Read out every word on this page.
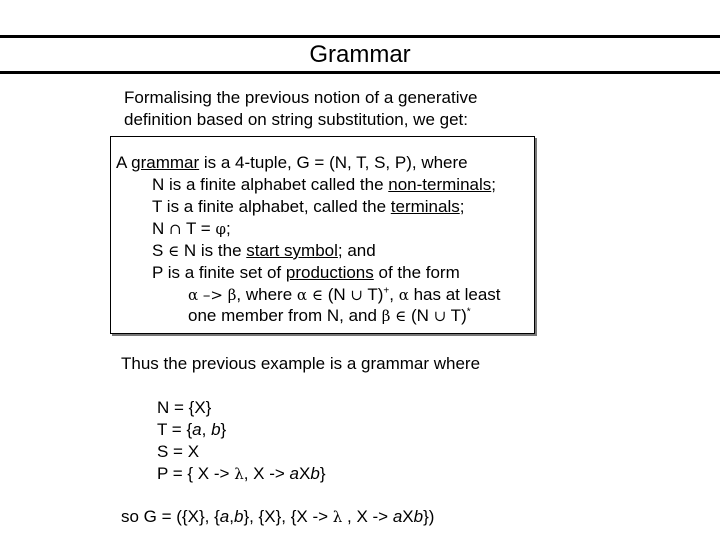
Grammar
Formalising the previous notion of a generative
definition based on string substitution, we get:
A grammar is a 4-tuple, G = (N, T, S, P), where
N is a finite alphabet called the non-terminals;
T is a finite alphabet, called the terminals;
N ∩ T = φ;
S ∈ N is the start symbol; and
P is a finite set of productions of the form
α –> β, where α ∈ (N ∪ T)+, α has at least
one member from N, and β ∈ (N ∪ T)*
Thus the previous example is a grammar where
N = {X}
T = {a, b}
S = X
P = { X -> λ, X -> aXb}
so G = ({X}, {a,b}, {X}, {X -> λ , X -> aXb})
